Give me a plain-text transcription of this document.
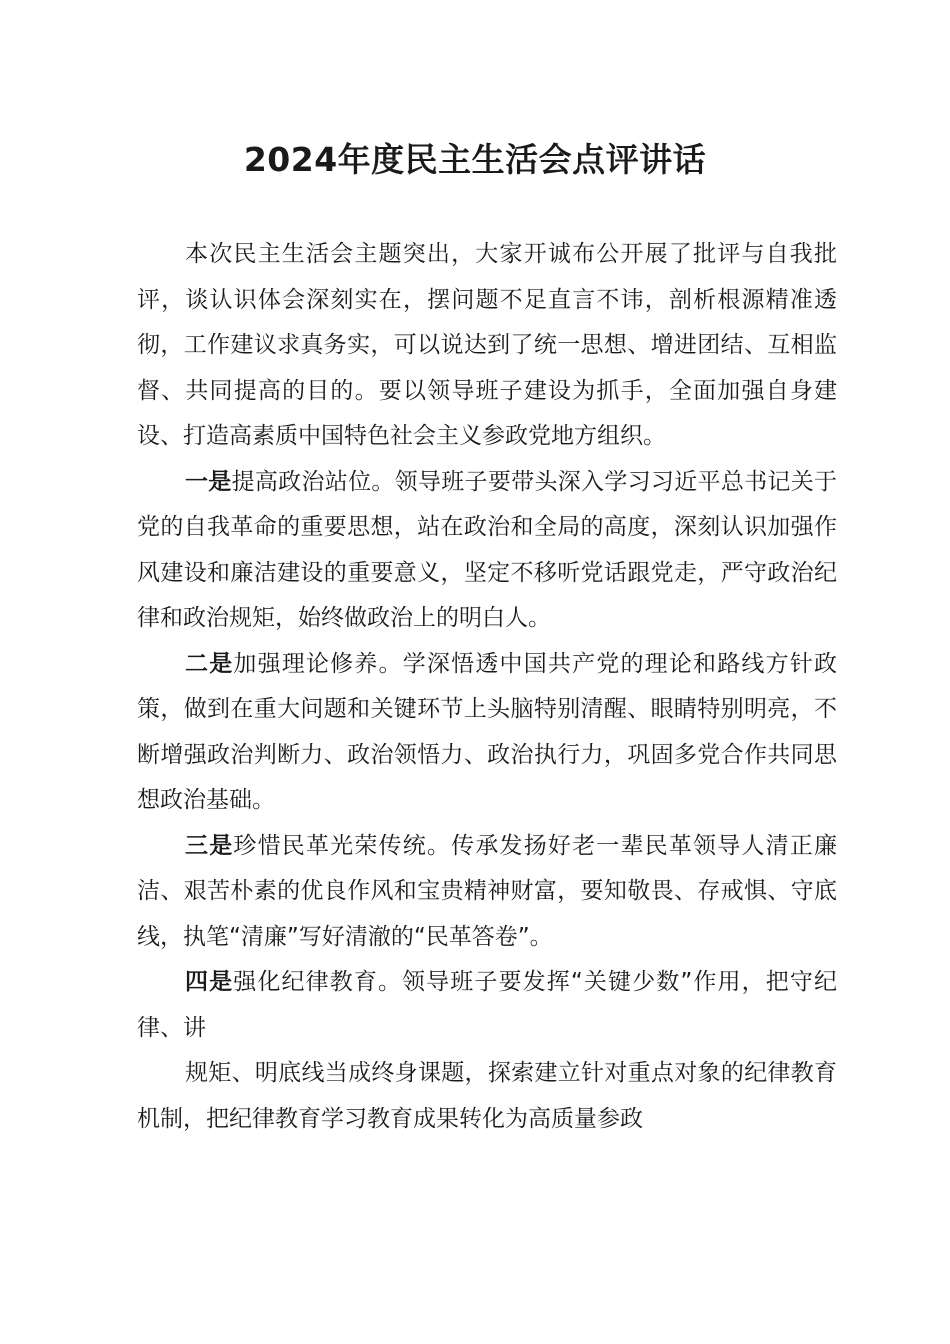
2024年度民主生活会点评讲话

本次民主生活会主题突出，大家开诚布公开展了批评与自我批评，谈认识体会深刻实在，摆问题不足直言不讳，剖析根源精准透彻，工作建议求真务实，可以说达到了统一思想、增进团结、互相监督、共同提高的目的。要以领导班子建设为抓手，全面加强自身建设、打造高素质中国特色社会主义参政党地方组织。

一是提高政治站位。领导班子要带头深入学习习近平总书记关于党的自我革命的重要思想，站在政治和全局的高度，深刻认识加强作风建设和廉洁建设的重要意义，坚定不移听党话跟党走，严守政治纪律和政治规矩，始终做政治上的明白人。

二是加强理论修养。学深悟透中国共产党的理论和路线方针政策，做到在重大问题和关键环节上头脑特别清醒、眼睛特别明亮，不断增强政治判断力、政治领悟力、政治执行力，巩固多党合作共同思想政治基础。

三是珍惜民革光荣传统。传承发扬好老一辈民革领导人清正廉洁、艰苦朴素的优良作风和宝贵精神财富，要知敬畏、存戒惧、守底线，执笔“清廉”写好清澈的“民革答卷”。

四是强化纪律教育。领导班子要发挥“关键少数”作用，把守纪律、讲

规矩、明底线当成终身课题，探索建立针对重点对象的纪律教育机制，把纪律教育学习教育成果转化为高质量参政
